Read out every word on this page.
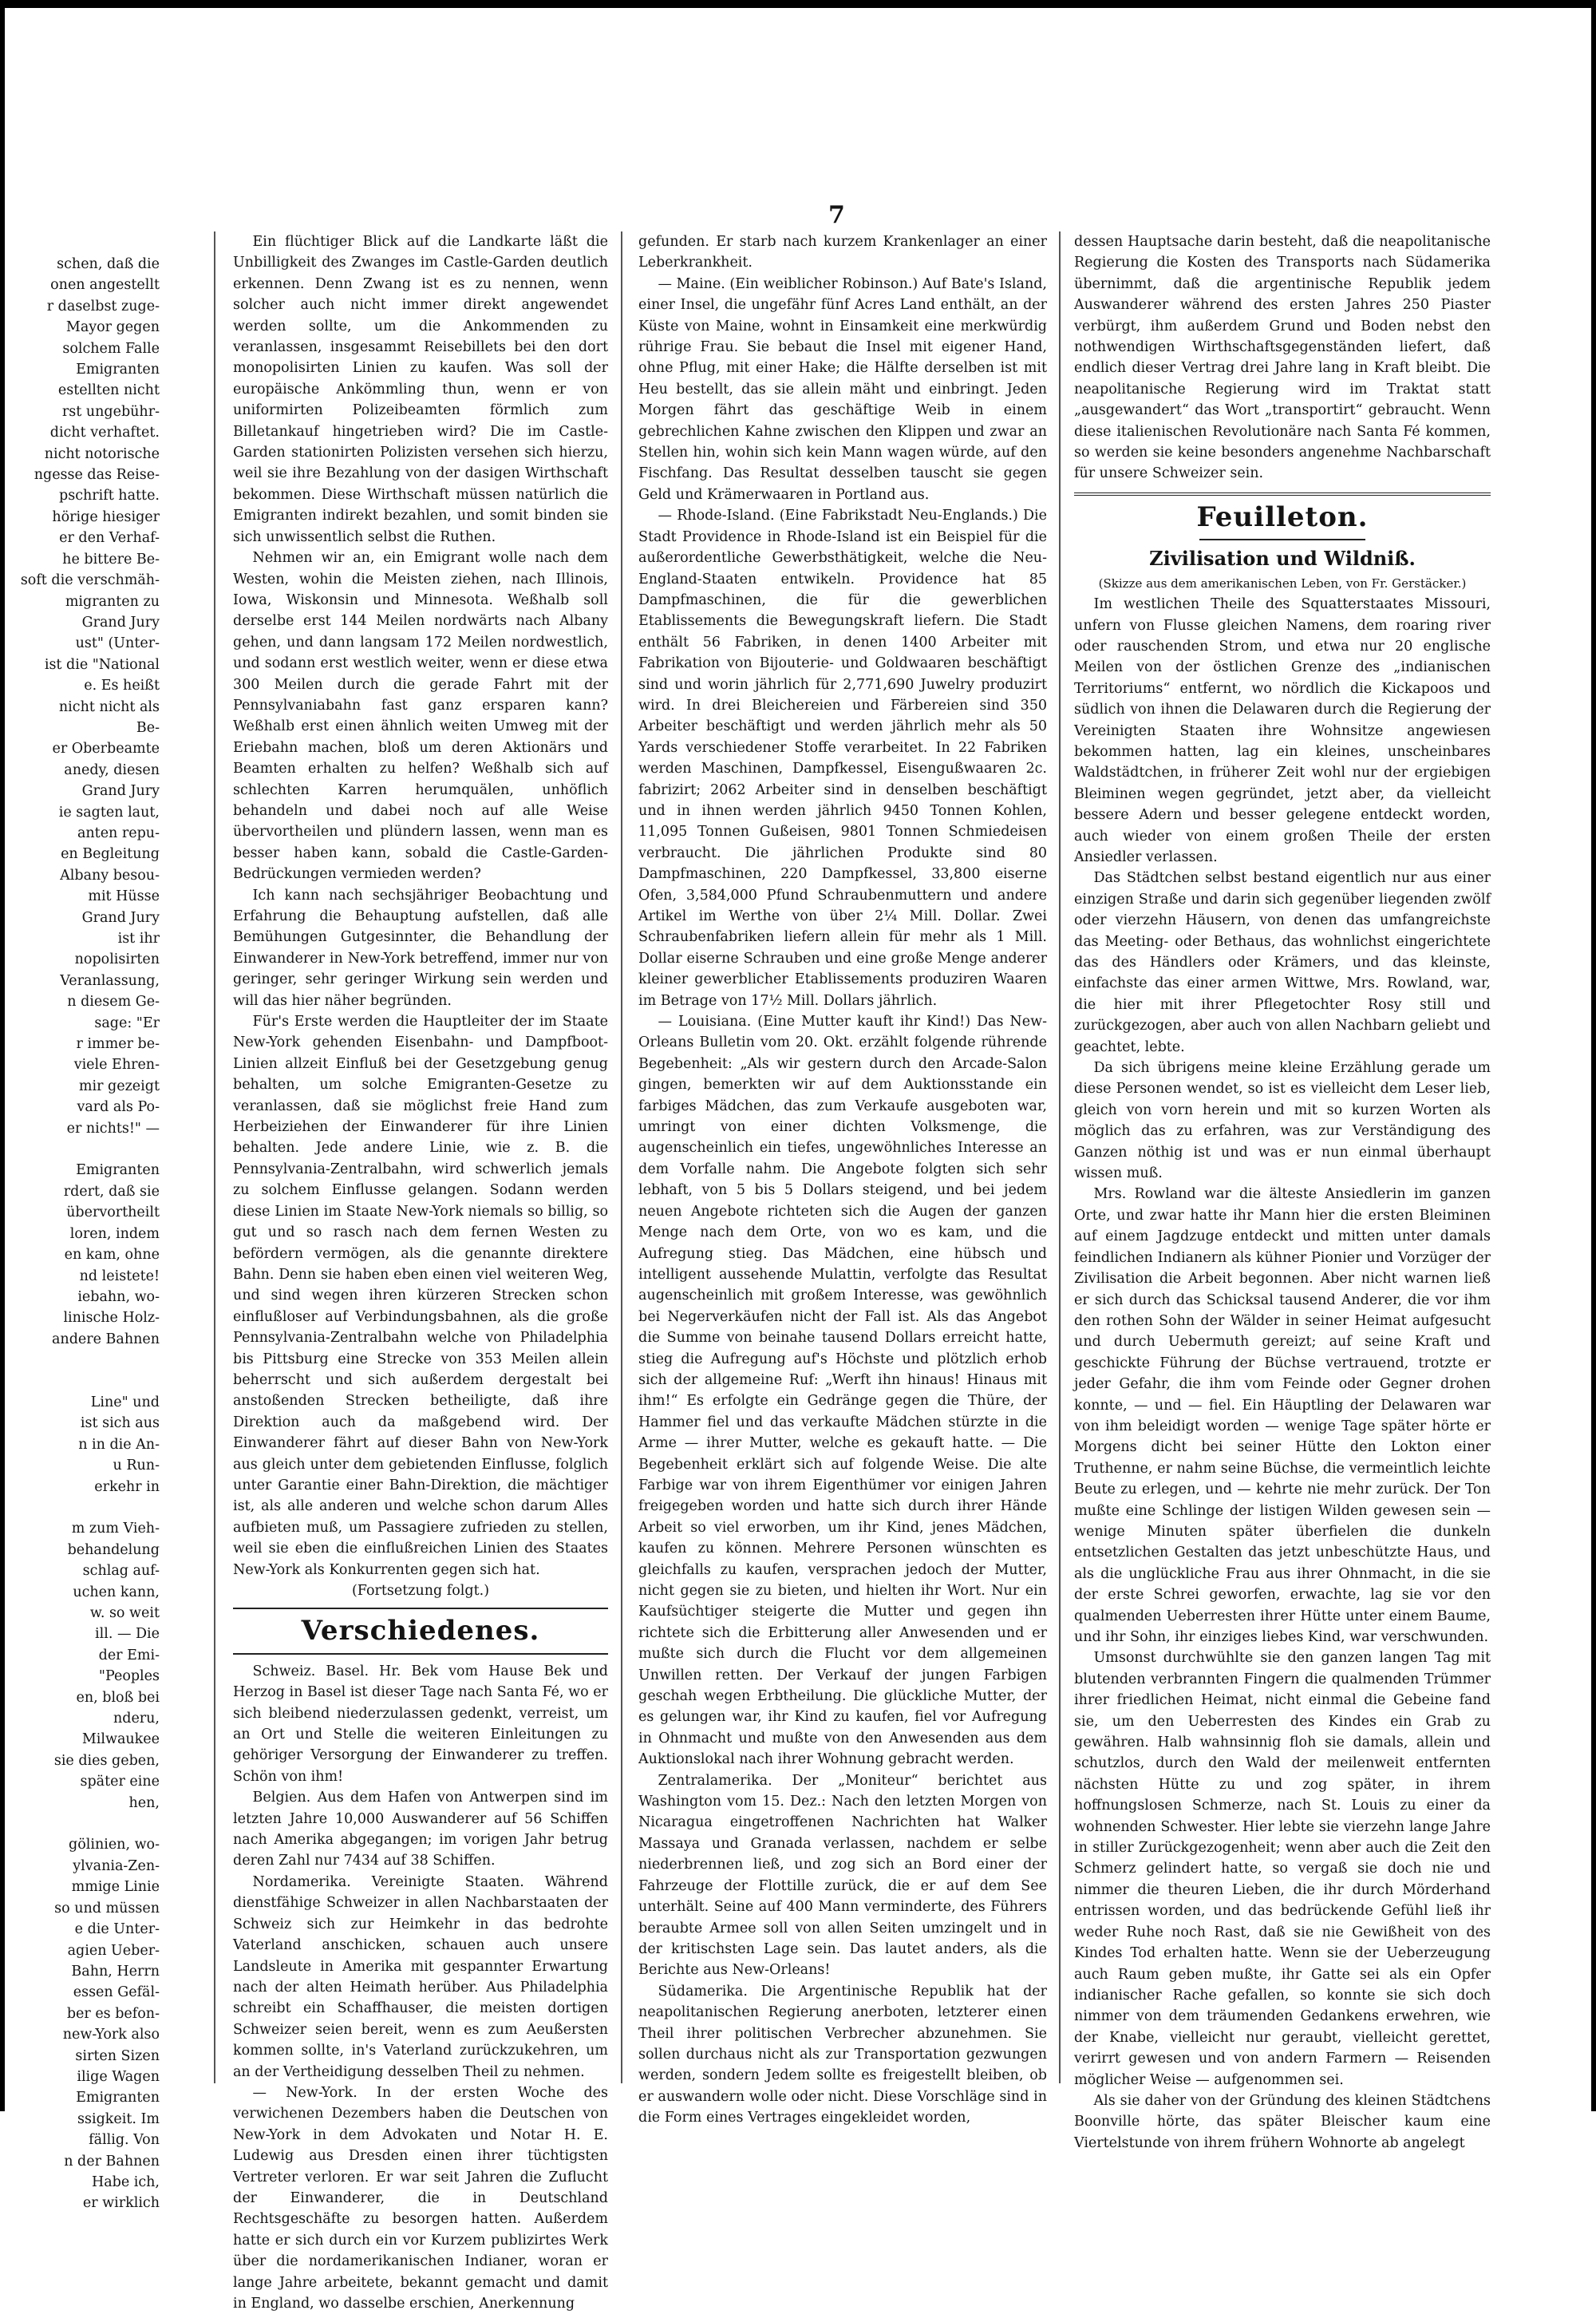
7
schen, daß die
onen angestellt
r daselbst zuge-
Mayor gegen
solchem Falle
Emigranten
estellten nicht
rst ungebühr-
dicht verhaftet.
nicht notorische
ngesse das Reise-
pschrift hatte.
hörige hiesiger
er den Verhaf-
he bittere Be-
soft die verschmäh-
migranten zu
Grand Jury
ust" (Unter-
ist die "National
e. Es heißt
nicht nicht als
Be-
er Oberbeamte
anedy, diesen
Grand Jury
ie sagten laut,
anten repu-
en Begleitung
Albany besou-
mit Hüsse
Grand Jury
ist ihr
nopolisirten
Veranlassung,
n diesem Ge-
sage: "Er
r immer be-
viele Ehren-
mir gezeigt
vard als Po-
er nichts!" —

Emigranten
rdert, daß sie
übervortheilt
loren, indem
en kam, ohne
nd leistete!
iebahn, wo-
linische Holz-
andere Bahnen

Line" und
ist sich aus
n in die An-
u Run-
erkehr in

m zum Vieh-
behandelung
schlag auf-
uchen kann,
w. so weit
ill. — Die
der Emi-
"Peoples
en, bloß bei
nderu,
Milwaukee
sie dies geben,
später eine
hen,

gölinien, wo-
ylvania-Zen-
mmige Linie
so und müssen
e die Unter-
agien Ueber-
Bahn, Herrn
essen Gefäl-
ber es befon-
new-York also
sirten Sizen
ilige Wagen
Emigranten
ssigkeit. Im
fällig. Von
n der Bahnen
Habe ich,
er wirklich

Ein flüchtiger Blick auf die Landkarte läßt die Unbilligkeit des Zwanges im Castle-Garden deutlich erkennen. Denn Zwang ist es zu nennen, wenn solcher auch nicht immer direkt angewendet werden sollte, um die Ankommenden zu veranlassen, insgesammt Reisebillets bei den dort monopolisirten Linien zu kaufen. Was soll der europäische Ankömmling thun, wenn er von uniformirten Polizeibeamten förmlich zum Billetankauf hingetrieben wird? Die im Castle-Garden stationirten Polizisten versehen sich hierzu, weil sie ihre Bezahlung von der dasigen Wirthschaft bekommen. Diese Wirthschaft müssen natürlich die Emigranten indirekt bezahlen, und somit binden sie sich unwissentlich selbst die Ruthen.

Nehmen wir an, ein Emigrant wolle nach dem Westen, wohin die Meisten ziehen, nach Illinois, Iowa, Wiskonsin und Minnesota. Weßhalb soll derselbe erst 144 Meilen nordwärts nach Albany gehen, und dann langsam 172 Meilen nordwestlich, und sodann erst westlich weiter, wenn er diese etwa 300 Meilen durch die gerade Fahrt mit der Pennsylvaniabahn fast ganz ersparen kann? Weßhalb erst einen ähnlich weiten Umweg mit der Eriebahn machen, bloß um deren Aktionärs und Beamten erhalten zu helfen? Weßhalb sich auf schlechten Karren herumquälen, unhöflich behandeln und dabei noch auf alle Weise übervortheilen und plündern lassen, wenn man es besser haben kann, sobald die Castle-Garden-Bedrückungen vermieden werden?

Ich kann nach sechsjähriger Beobachtung und Erfahrung die Behauptung aufstellen, daß alle Bemühungen Gutgesinnter, die Behandlung der Einwanderer in New-York betreffend, immer nur von geringer, sehr geringer Wirkung sein werden und will das hier näher begründen.

Für's Erste werden die Hauptleiter der im Staate New-York gehenden Eisenbahn- und Dampfboot-Linien allzeit Einfluß bei der Gesetzgebung genug behalten, um solche Emigranten-Gesetze zu veranlassen, daß sie möglichst freie Hand zum Herbeiziehen der Einwanderer für ihre Linien behalten. Jede andere Linie, wie z. B. die Pennsylvania-Zentralbahn, wird schwerlich jemals zu solchem Einflusse gelangen. Sodann werden diese Linien im Staate New-York niemals so billig, so gut und so rasch nach dem fernen Westen zu befördern vermögen, als die genannte direktere Bahn. Denn sie haben eben einen viel weiteren Weg, und sind wegen ihren kürzeren Strecken schon einflußloser auf Verbindungsbahnen, als die große Pennsylvania-Zentralbahn welche von Philadelphia bis Pittsburg eine Strecke von 353 Meilen allein beherrscht und sich außerdem dergestalt bei anstoßenden Strecken betheiligte, daß ihre Direktion auch da maßgebend wird. Der Einwanderer fährt auf dieser Bahn von New-York aus gleich unter dem gebietenden Einflusse, folglich unter Garantie einer Bahn-Direktion, die mächtiger ist, als alle anderen und welche schon darum Alles aufbieten muß, um Passagiere zufrieden zu stellen, weil sie eben die einflußreichen Linien des Staates New-York als Konkurrenten gegen sich hat.

(Fortsetzung folgt.)

Verschiedenes.

Schweiz. Basel. Hr. Bek vom Hause Bek und Herzog in Basel ist dieser Tage nach Santa Fé, wo er sich bleibend niederzulassen gedenkt, verreist, um an Ort und Stelle die weiteren Einleitungen zu gehöriger Versorgung der Einwanderer zu treffen. Schön von ihm!

Belgien. Aus dem Hafen von Antwerpen sind im letzten Jahre 10,000 Auswanderer auf 56 Schiffen nach Amerika abgegangen; im vorigen Jahr betrug deren Zahl nur 7434 auf 38 Schiffen.

Nordamerika. Vereinigte Staaten. Während dienstfähige Schweizer in allen Nachbarstaaten der Schweiz sich zur Heimkehr in das bedrohte Vaterland anschicken, schauen auch unsere Landsleute in Amerika mit gespannter Erwartung nach der alten Heimath herüber. Aus Philadelphia schreibt ein Schaffhauser, die meisten dortigen Schweizer seien bereit, wenn es zum Aeußersten kommen sollte, in's Vaterland zurückzukehren, um an der Vertheidigung desselben Theil zu nehmen.

— New-York. In der ersten Woche des verwichenen Dezembers haben die Deutschen von New-York in dem Advokaten und Notar H. E. Ludewig aus Dresden einen ihrer tüchtigsten Vertreter verloren. Er war seit Jahren die Zuflucht der Einwanderer, die in Deutschland Rechtsgeschäfte zu besorgen hatten. Außerdem hatte er sich durch ein vor Kurzem publizirtes Werk über die nordamerikanischen Indianer, woran er lange Jahre arbeitete, bekannt gemacht und damit in England, wo dasselbe erschien, Anerkennung

gefunden. Er starb nach kurzem Krankenlager an einer Leberkrankheit.

— Maine. (Ein weiblicher Robinson.) Auf Bate's Island, einer Insel, die ungefähr fünf Acres Land enthält, an der Küste von Maine, wohnt in Einsamkeit eine merkwürdig rührige Frau. Sie bebaut die Insel mit eigener Hand, ohne Pflug, mit einer Hake; die Hälfte derselben ist mit Heu bestellt, das sie allein mäht und einbringt. Jeden Morgen fährt das geschäftige Weib in einem gebrechlichen Kahne zwischen den Klippen und zwar an Stellen hin, wohin sich kein Mann wagen würde, auf den Fischfang. Das Resultat desselben tauscht sie gegen Geld und Krämerwaaren in Portland aus.

— Rhode-Island. (Eine Fabrikstadt Neu-Englands.) Die Stadt Providence in Rhode-Island ist ein Beispiel für die außerordentliche Gewerbsthätigkeit, welche die Neu-England-Staaten entwikeln. Providence hat 85 Dampfmaschinen, die für die gewerblichen Etablissements die Bewegungskraft liefern. Die Stadt enthält 56 Fabriken, in denen 1400 Arbeiter mit Fabrikation von Bijouterie- und Goldwaaren beschäftigt sind und worin jährlich für 2,771,690 Juwelry produzirt wird. In drei Bleichereien und Färbereien sind 350 Arbeiter beschäftigt und werden jährlich mehr als 50 Yards verschiedener Stoffe verarbeitet. In 22 Fabriken werden Maschinen, Dampfkessel, Eisengußwaaren 2c. fabrizirt; 2062 Arbeiter sind in denselben beschäftigt und in ihnen werden jährlich 9450 Tonnen Kohlen, 11,095 Tonnen Gußeisen, 9801 Tonnen Schmiedeisen verbraucht. Die jährlichen Produkte sind 80 Dampfmaschinen, 220 Dampfkessel, 33,800 eiserne Ofen, 3,584,000 Pfund Schraubenmuttern und andere Artikel im Werthe von über 2¼ Mill. Dollar. Zwei Schraubenfabriken liefern allein für mehr als 1 Mill. Dollar eiserne Schrauben und eine große Menge anderer kleiner gewerblicher Etablissements produziren Waaren im Betrage von 17½ Mill. Dollars jährlich.

— Louisiana. (Eine Mutter kauft ihr Kind!) Das New-Orleans Bulletin vom 20. Okt. erzählt folgende rührende Begebenheit: „Als wir gestern durch den Arcade-Salon gingen, bemerkten wir auf dem Auktionsstande ein farbiges Mädchen, das zum Verkaufe ausgeboten war, umringt von einer dichten Volksmenge, die augenscheinlich ein tiefes, ungewöhnliches Interesse an dem Vorfalle nahm. Die Angebote folgten sich sehr lebhaft, von 5 bis 5 Dollars steigend, und bei jedem neuen Angebote richteten sich die Augen der ganzen Menge nach dem Orte, von wo es kam, und die Aufregung stieg. Das Mädchen, eine hübsch und intelligent aussehende Mulattin, verfolgte das Resultat augenscheinlich mit großem Interesse, was gewöhnlich bei Negerverkäufen nicht der Fall ist. Als das Angebot die Summe von beinahe tausend Dollars erreicht hatte, stieg die Aufregung auf's Höchste und plötzlich erhob sich der allgemeine Ruf: „Werft ihn hinaus! Hinaus mit ihm!“ Es erfolgte ein Gedränge gegen die Thüre, der Hammer fiel und das verkaufte Mädchen stürzte in die Arme — ihrer Mutter, welche es gekauft hatte. — Die Begebenheit erklärt sich auf folgende Weise. Die alte Farbige war von ihrem Eigenthümer vor einigen Jahren freigegeben worden und hatte sich durch ihrer Hände Arbeit so viel erworben, um ihr Kind, jenes Mädchen, kaufen zu können. Mehrere Personen wünschten es gleichfalls zu kaufen, versprachen jedoch der Mutter, nicht gegen sie zu bieten, und hielten ihr Wort. Nur ein Kaufsüchtiger steigerte die Mutter und gegen ihn richtete sich die Erbitterung aller Anwesenden und er mußte sich durch die Flucht vor dem allgemeinen Unwillen retten. Der Verkauf der jungen Farbigen geschah wegen Erbtheilung. Die glückliche Mutter, der es gelungen war, ihr Kind zu kaufen, fiel vor Aufregung in Ohnmacht und mußte von den Anwesenden aus dem Auktionslokal nach ihrer Wohnung gebracht werden.

Zentralamerika. Der „Moniteur“ berichtet aus Washington vom 15. Dez.: Nach den letzten Morgen von Nicaragua eingetroffenen Nachrichten hat Walker Massaya und Granada verlassen, nachdem er selbe niederbrennen ließ, und zog sich an Bord einer der Fahrzeuge der Flottille zurück, die er auf dem See unterhält. Seine auf 400 Mann verminderte, des Führers beraubte Armee soll von allen Seiten umzingelt und in der kritischsten Lage sein. Das lautet anders, als die Berichte aus New-Orleans!

Südamerika. Die Argentinische Republik hat der neapolitanischen Regierung anerboten, letzterer einen Theil ihrer politischen Verbrecher abzunehmen. Sie sollen durchaus nicht als zur Transportation gezwungen werden, sondern Jedem sollte es freigestellt bleiben, ob er auswandern wolle oder nicht. Diese Vorschläge sind in die Form eines Vertrages eingekleidet worden,

dessen Hauptsache darin besteht, daß die neapolitanische Regierung die Kosten des Transports nach Südamerika übernimmt, daß die argentinische Republik jedem Auswanderer während des ersten Jahres 250 Piaster verbürgt, ihm außerdem Grund und Boden nebst den nothwendigen Wirthschaftsgegenständen liefert, daß endlich dieser Vertrag drei Jahre lang in Kraft bleibt. Die neapolitanische Regierung wird im Traktat statt „ausgewandert“ das Wort „transportirt“ gebraucht. Wenn diese italienischen Revolutionäre nach Santa Fé kommen, so werden sie keine besonders angenehme Nachbarschaft für unsere Schweizer sein.

Feuilleton.
Zivilisation und Wildniß.

(Skizze aus dem amerikanischen Leben, von Fr. Gerstäcker.)

Im westlichen Theile des Squatterstaates Missouri, unfern von Flusse gleichen Namens, dem roaring river oder rauschenden Strom, und etwa nur 20 englische Meilen von der östlichen Grenze des „indianischen Territoriums“ entfernt, wo nördlich die Kickapoos und südlich von ihnen die Delawaren durch die Regierung der Vereinigten Staaten ihre Wohnsitze angewiesen bekommen hatten, lag ein kleines, unscheinbares Waldstädtchen, in früherer Zeit wohl nur der ergiebigen Bleiminen wegen gegründet, jetzt aber, da vielleicht bessere Adern und besser gelegene entdeckt worden, auch wieder von einem großen Theile der ersten Ansiedler verlassen.

Das Städtchen selbst bestand eigentlich nur aus einer einzigen Straße und darin sich gegenüber liegenden zwölf oder vierzehn Häusern, von denen das umfangreichste das Meeting- oder Bethaus, das wohnlichst eingerichtete das des Händlers oder Krämers, und das kleinste, einfachste das einer armen Wittwe, Mrs. Rowland, war, die hier mit ihrer Pflegetochter Rosy still und zurückgezogen, aber auch von allen Nachbarn geliebt und geachtet, lebte.

Da sich übrigens meine kleine Erzählung gerade um diese Personen wendet, so ist es vielleicht dem Leser lieb, gleich von vorn herein und mit so kurzen Worten als möglich das zu erfahren, was zur Verständigung des Ganzen nöthig ist und was er nun einmal überhaupt wissen muß.

Mrs. Rowland war die älteste Ansiedlerin im ganzen Orte, und zwar hatte ihr Mann hier die ersten Bleiminen auf einem Jagdzuge entdeckt und mitten unter damals feindlichen Indianern als kühner Pionier und Vorzüger der Zivilisation die Arbeit begonnen. Aber nicht warnen ließ er sich durch das Schicksal tausend Anderer, die vor ihm den rothen Sohn der Wälder in seiner Heimat aufgesucht und durch Uebermuth gereizt; auf seine Kraft und geschickte Führung der Büchse vertrauend, trotzte er jeder Gefahr, die ihm vom Feinde oder Gegner drohen konnte, — und — fiel. Ein Häuptling der Delawaren war von ihm beleidigt worden — wenige Tage später hörte er Morgens dicht bei seiner Hütte den Lokton einer Truthenne, er nahm seine Büchse, die vermeintlich leichte Beute zu erlegen, und — kehrte nie mehr zurück. Der Ton mußte eine Schlinge der listigen Wilden gewesen sein — wenige Minuten später überfielen die dunkeln entsetzlichen Gestalten das jetzt unbeschützte Haus, und als die unglückliche Frau aus ihrer Ohnmacht, in die sie der erste Schrei geworfen, erwachte, lag sie vor den qualmenden Ueberresten ihrer Hütte unter einem Baume, und ihr Sohn, ihr einziges liebes Kind, war verschwunden.

Umsonst durchwühlte sie den ganzen langen Tag mit blutenden verbrannten Fingern die qualmenden Trümmer ihrer friedlichen Heimat, nicht einmal die Gebeine fand sie, um den Ueberresten des Kindes ein Grab zu gewähren. Halb wahnsinnig floh sie damals, allein und schutzlos, durch den Wald der meilenweit entfernten nächsten Hütte zu und zog später, in ihrem hoffnungslosen Schmerze, nach St. Louis zu einer da wohnenden Schwester. Hier lebte sie vierzehn lange Jahre in stiller Zurückgezogenheit; wenn aber auch die Zeit den Schmerz gelindert hatte, so vergaß sie doch nie und nimmer die theuren Lieben, die ihr durch Mörderhand entrissen worden, und das bedrückende Gefühl ließ ihr weder Ruhe noch Rast, daß sie nie Gewißheit von des Kindes Tod erhalten hatte. Wenn sie der Ueberzeugung auch Raum geben mußte, ihr Gatte sei als ein Opfer indianischer Rache gefallen, so konnte sie sich doch nimmer von dem träumenden Gedankens erwehren, wie der Knabe, vielleicht nur geraubt, vielleicht gerettet, verirrt gewesen und von andern Farmern — Reisenden möglicher Weise — aufgenommen sei.

Als sie daher von der Gründung des kleinen Städtchens Boonville hörte, das später Bleischer kaum eine Viertelstunde von ihrem frühern Wohnorte ab angelegt
